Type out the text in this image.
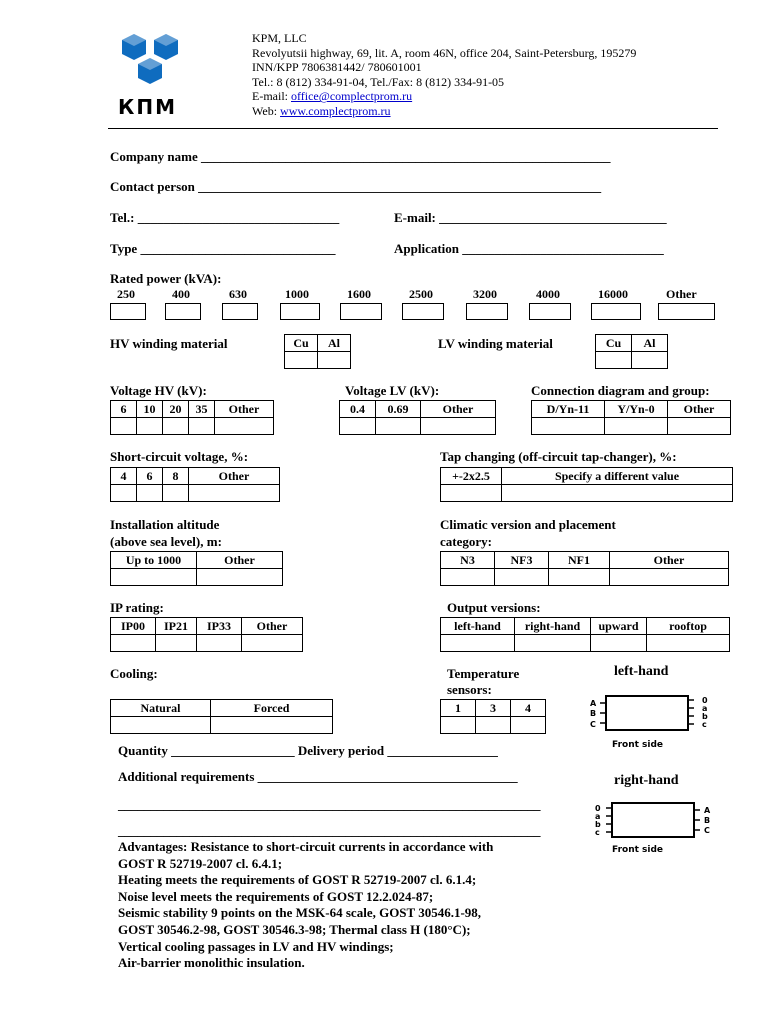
КПМ
KPM, LLC
Revolyutsii highway, 69, lit. A, room 46N, office 204, Saint-Petersburg, 195279
INN/KPP 7806381442/ 780601001
Tel.: 8 (812) 334-91-04, Tel./Fax: 8 (812) 334-91-05
E-mail: office@complectprom.ru
Web: www.complectprom.ru
Company name _______________________________________________________________
Contact person ______________________________________________________________
Tel.: _______________________________	E-mail: ___________________________________
Type ______________________________	Application _______________________________
Rated power (kVA):
250	400	630	1000	1600	2500	3200	4000	16000	Other
HV winding material	Cu	Al
		LV winding material	Cu	Al

Voltage HV (kV):
6	10	20	35	Other

Voltage LV (kV):
0.4	0.69	Other

Connection diagram and group:
D/Yn-11	Y/Yn-0	Other

Short-circuit voltage, %:
4	6	8	Other

Tap changing (off-circuit tap-changer), %:
+-2x2.5	Specify a different value

Installation altitude
(above sea level), m:
Up to 1000	Other

Climatic version and placement
category:
N3	NF3	NF1	Other

IP rating:
IP00	IP21	IP33	Other

Output versions:
left-hand	right-hand	upward	rooftop

Cooling:
Natural	Forced

Temperature
sensors:
1	3	4

Quantity ___________________ Delivery period _________________
Additional requirements ________________________________________
_________________________________________________________________
_________________________________________________________________
Advantages: Resistance to short-circuit currents in accordance with
GOST R 52719-2007 cl. 6.4.1;
Heating meets the requirements of GOST R 52719-2007 cl. 6.1.4;
Noise level meets the requirements of GOST 12.2.024-87;
Seismic stability 9 points on the MSK-64 scale, GOST 30546.1-98,
GOST 30546.2-98, GOST 30546.3-98; Thermal class H (180°C);
Vertical cooling passages in LV and HV windings;
Air-barrier monolithic insulation.
left-hand
A
B
C
0
a
b
c
Front side
right-hand
0
a
b
c
A
B
C
Front side
